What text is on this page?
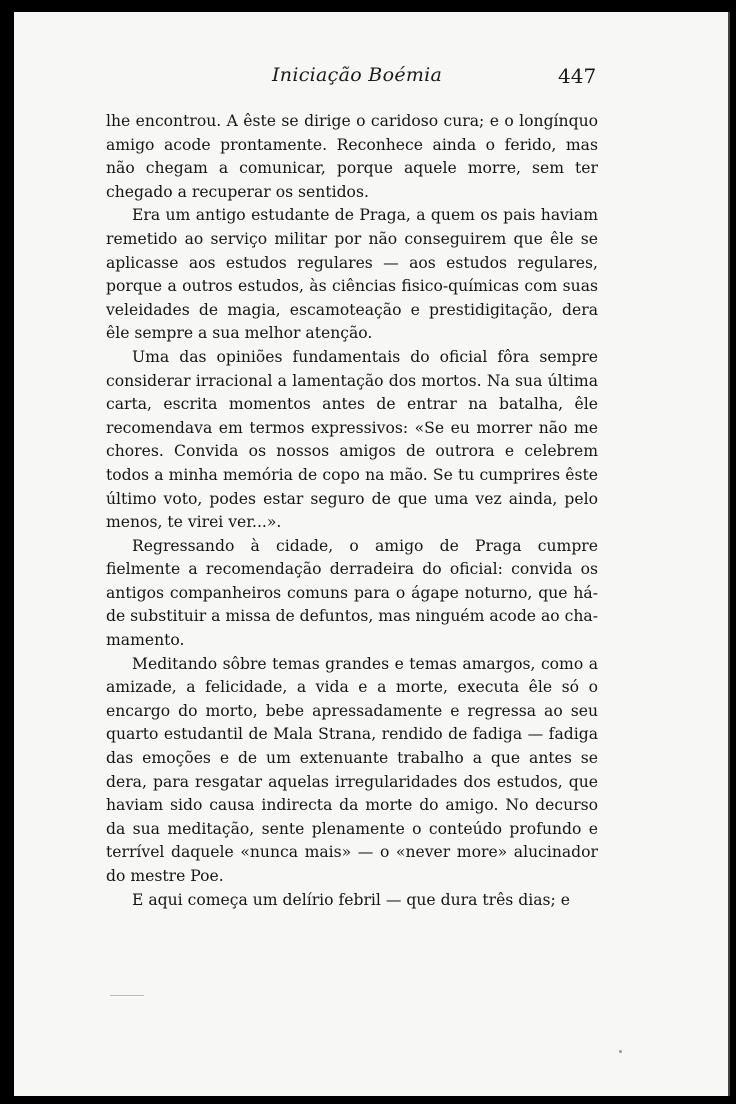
Iniciação Boémia	447

lhe encontrou. A êste se dirige o caridoso cura; e o longínquo amigo acode prontamente. Reconhece ainda o ferido, mas não chegam a comunicar, porque aquele morre, sem ter chegado a recuperar os sentidos.

Era um antigo estudante de Praga, a quem os pais haviam remetido ao serviço militar por não conseguirem que êle se aplicasse aos estudos regulares — aos estudos regulares, porque a outros estudos, às ciências fisico-químicas com suas veleidades de magia, escamoteação e prestidigitação, dera êle sempre a sua melhor atenção.

Uma das opiniões fundamentais do oficial fôra sempre considerar irracional a lamentação dos mortos. Na sua última carta, escrita momentos antes de entrar na batalha, êle recomendava em termos expressivos: «Se eu morrer não me chores. Convida os nossos amigos de outrora e celebrem todos a minha memória de copo na mão. Se tu cumprires êste último voto, podes estar seguro de que uma vez ainda, pelo menos, te virei ver...».

Regressando à cidade, o amigo de Praga cumpre fielmente a recomendação derradeira do oficial: convida os antigos companheiros comuns para o ágape noturno, que há-de substituir a missa de defuntos, mas ninguém acode ao chamamento.

Meditando sôbre temas grandes e temas amargos, como a amizade, a felicidade, a vida e a morte, executa êle só o encargo do morto, bebe apressadamente e regressa ao seu quarto estudantil de Mala Strana, rendido de fadiga — fadiga das emoções e de um extenuante trabalho a que antes se dera, para resgatar aquelas irregularidades dos estudos, que haviam sido causa indirecta da morte do amigo. No decurso da sua meditação, sente plenamente o conteúdo profundo e terrível daquele «nunca mais» — o «never more» alucinador do mestre Poe.

E aqui começa um delírio febril — que dura três dias; e
